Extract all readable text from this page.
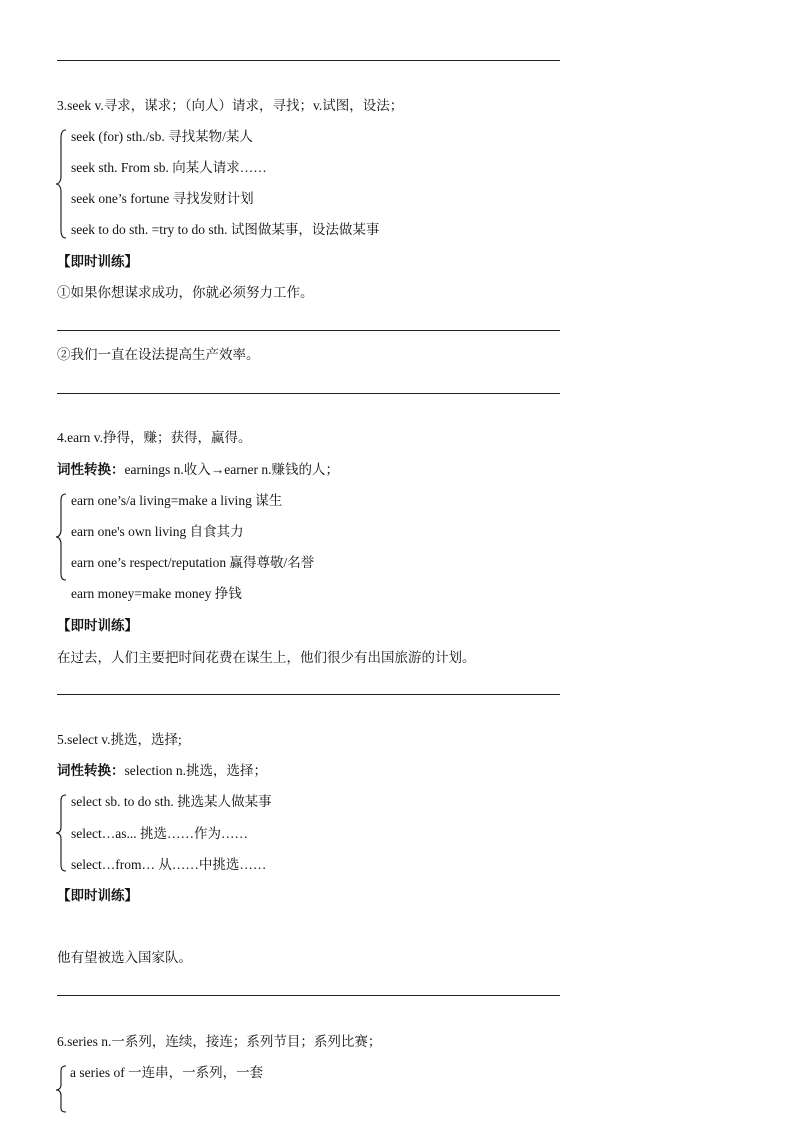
3.seek v.寻求，谋求；（向人）请求，寻找；v.试图，设法；
seek (for) sth./sb. 寻找某物/某人
seek sth. From sb. 向某人请求……
seek one’s fortune 寻找发财计划
seek to do sth. =try to do sth. 试图做某事，设法做某事
【即时训练】
①如果你想谋求成功，你就必须努力工作。
②我们一直在设法提高生产效率。
4.earn v.挣得，赚；获得，赢得。
词性转换：earnings n.收入→earner n.赚钱的人；
earn one’s/a living=make a living 谋生
earn one's own living 自食其力
earn one’s respect/reputation 赢得尊敬/名誉
earn money=make money 挣钱
【即时训练】
在过去，人们主要把时间花费在谋生上，他们很少有出国旅游的计划。
5.select v.挑选，选择;
词性转换：selection n.挑选，选择；
select sb. to do sth. 挑选某人做某事
select…as... 挑选……作为……
select…from… 从……中挑选……
【即时训练】
他有望被选入国家队。
6.series n.一系列，连续，接连；系列节目；系列比赛；
a series of 一连串，一系列，一套
